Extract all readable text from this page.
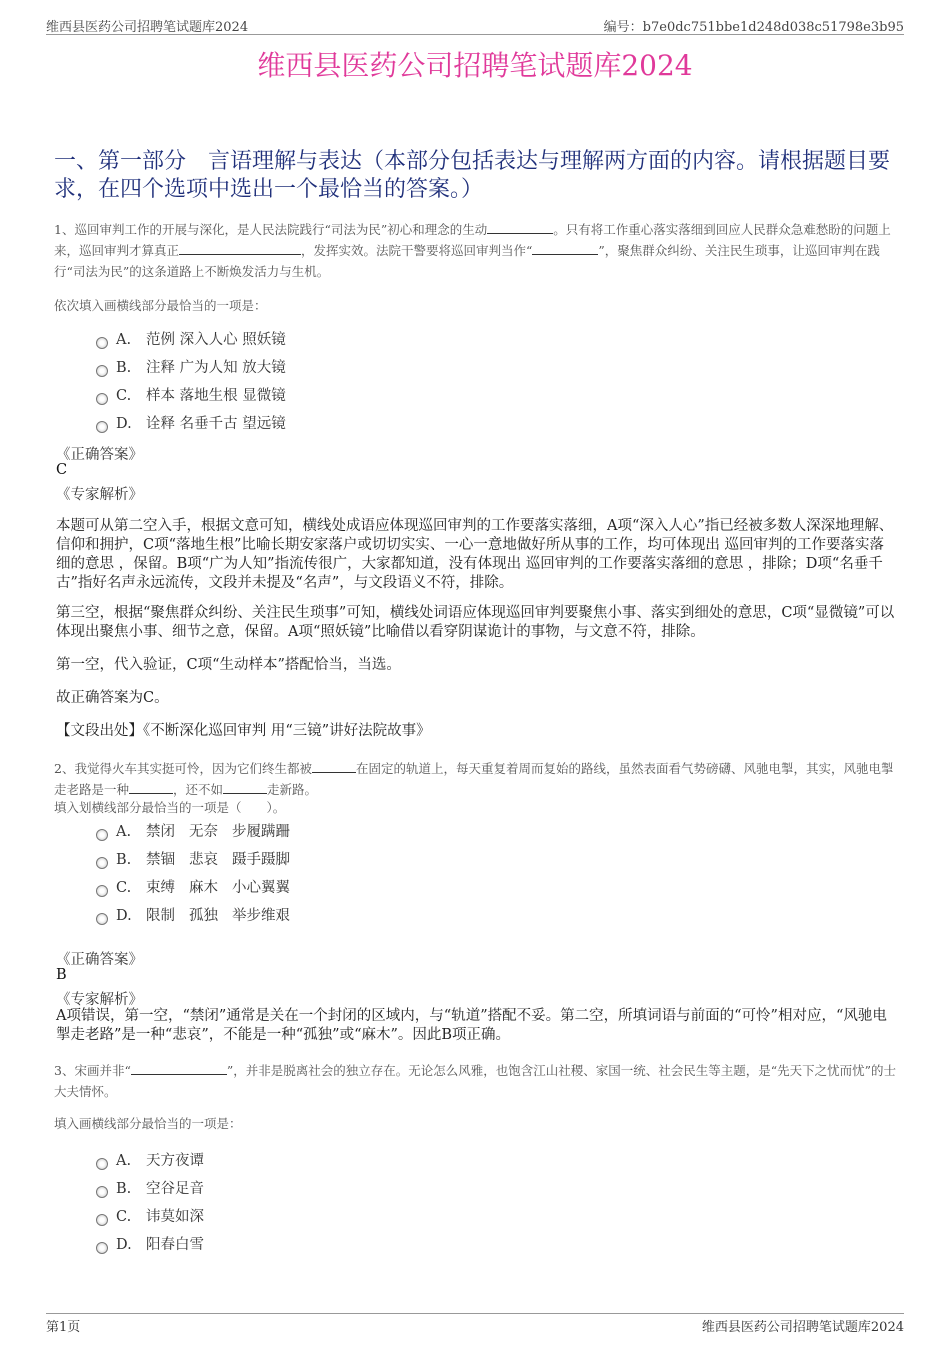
维西县医药公司招聘笔试题库2024	编号：b7e0dc751bbe1d248d038c51798e3b95
维西县医药公司招聘笔试题库2024
一、第一部分　言语理解与表达（本部分包括表达与理解两方面的内容。请根据题目要求，在四个选项中选出一个最恰当的答案。）
1、巡回审判工作的开展与深化，是人民法院践行“司法为民”初心和理念的生动	。只有将工作重心落实落细到回应人民群众急难愁盼的问题上来，巡回审判才算真正	，发挥实效。法院干警要将巡回审判当作“	”，聚焦群众纠纷、关注民生琐事，让巡回审判在践行“司法为民”的这条道路上不断焕发活力与生机。
依次填入画横线部分最恰当的一项是：
A. 范例 深入人心 照妖镜
B. 注释 广为人知 放大镜
C. 样本 落地生根 显微镜
D. 诠释 名垂千古 望远镜
《正确答案》
C
《专家解析》
本题可从第二空入手，根据文意可知，横线处成语应体现巡回审判的工作要落实落细，A项“深入人心”指已经被多数人深深地理解、信仰和拥护，C项“落地生根”比喻长期安家落户或切切实实、一心一意地做好所从事的工作，均可体现出 巡回审判的工作要落实落细的意思 ，保留。B项“广为人知”指流传很广，大家都知道，没有体现出 巡回审判的工作要落实落细的意思 ，排除；D项“名垂千古”指好名声永远流传，文段并未提及“名声”，与文段语义不符，排除。
第三空，根据“聚焦群众纠纷、关注民生琐事”可知，横线处词语应体现巡回审判要聚焦小事、落实到细处的意思，C项“显微镜”可以体现出聚焦小事、细节之意，保留。A项“照妖镜”比喻借以看穿阴谋诡计的事物，与文意不符，排除。
第一空，代入验证，C项“生动样本”搭配恰当，当选。
故正确答案为C。
【文段出处】《不断深化巡回审判 用“三镜”讲好法院故事》
2、我觉得火车其实挺可怜，因为它们终生都被	在固定的轨道上，每天重复着周而复始的路线，虽然表面看气势磅礴、风驰电掣，其实，风驰电掣走老路是一种	，还不如	走新路。
填入划横线部分最恰当的一项是（　　）。
A. 禁闭 无奈 步履蹒跚
B. 禁锢 悲哀 蹑手蹑脚
C. 束缚 麻木 小心翼翼
D. 限制 孤独 举步维艰
《正确答案》
B
《专家解析》
A项错误，第一空，“禁闭”通常是关在一个封闭的区域内，与“轨道”搭配不妥。第二空，所填词语与前面的“可怜”相对应，“风驰电掣走老路”是一种“悲哀”，不能是一种“孤独”或“麻木”。因此B项正确。
3、宋画并非“	”，并非是脱离社会的独立存在。无论怎么风雅，也饱含江山社稷、家国一统、社会民生等主题，是“先天下之忧而忧”的士大夫情怀。
填入画横线部分最恰当的一项是：
A. 天方夜谭
B. 空谷足音
C. 讳莫如深
D. 阳春白雪
第1页	维西县医药公司招聘笔试题库2024
